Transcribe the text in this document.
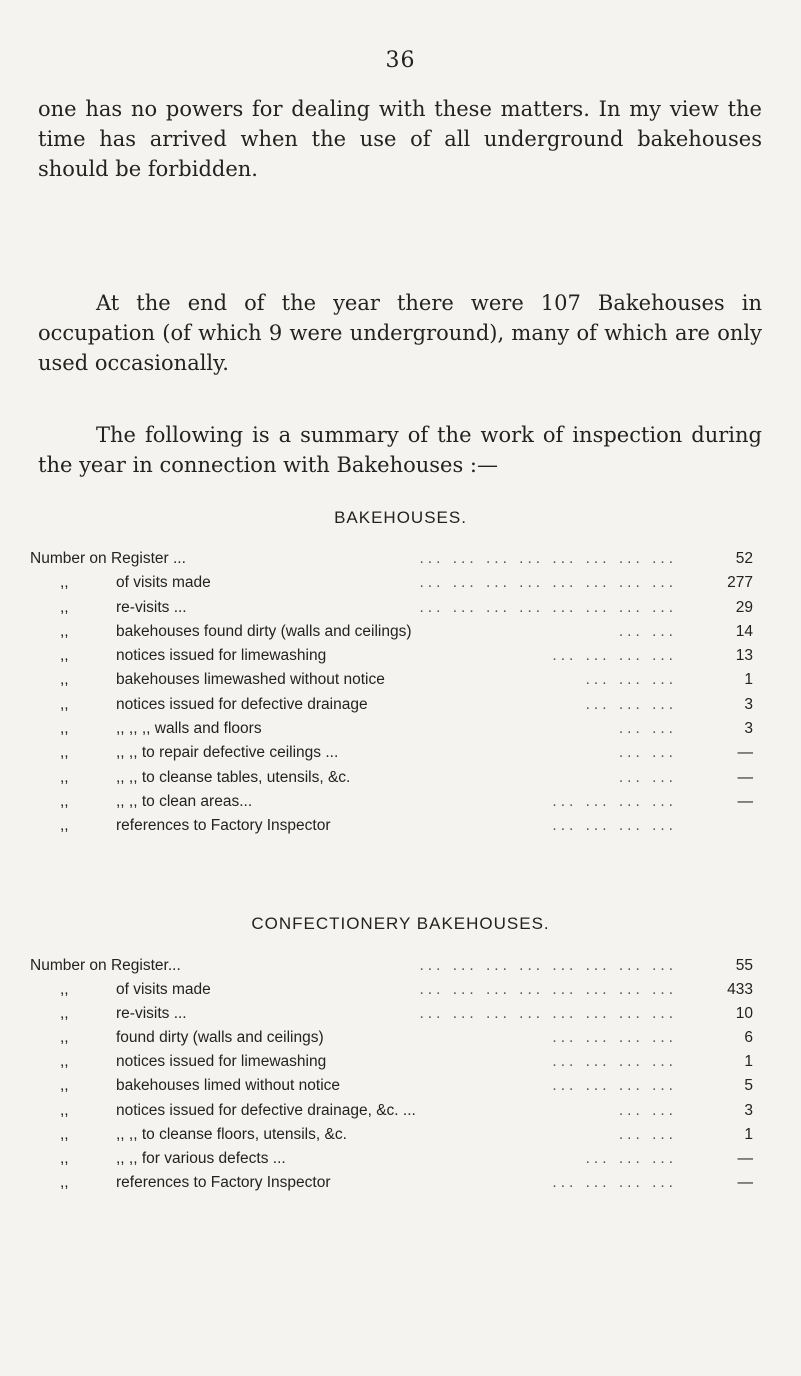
36

one has no powers for dealing with these matters. In my view the time has arrived when the use of all underground bakehouses should be forbidden.

At the end of the year there were 107 Bakehouses in occupation (of which 9 were underground), many of which are only used occasionally.

The following is a summary of the work of inspection during the year in connection with Bakehouses :—

BAKEHOUSES.
Number on Register ...	... ... ... ... ... ... ... ...	52
,,	of visits made	... ... ... ... ... ... ... ...	277
,,	re-visits ...	... ... ... ... ... ... ... ...	29
,,	bakehouses found dirty (walls and ceilings)	... ...	14
,,	notices issued for limewashing	... ... ... ...	13
,,	bakehouses limewashed without notice	... ... ...	1
,,	notices issued for defective drainage	... ... ...	3
,,	,, ,, ,, walls and floors	... ...	3
,,	,, ,, to repair defective ceilings ...	... ...	—
,,	,, ,, to cleanse tables, utensils, &c.	... ...	—
,,	,, ,, to clean areas...	... ... ... ...	—
,,	references to Factory Inspector	... ... ... ...
CONFECTIONERY BAKEHOUSES.
Number on Register...	... ... ... ... ... ... ... ...	55
,,	of visits made	... ... ... ... ... ... ... ...	433
,,	re-visits ...	... ... ... ... ... ... ... ...	10
,,	found dirty (walls and ceilings)	... ... ... ...	6
,,	notices issued for limewashing	... ... ... ...	1
,,	bakehouses limed without notice	... ... ... ...	5
,,	notices issued for defective drainage, &c. ...	... ...	3
,,	,, ,, to cleanse floors, utensils, &c.	... ...	1
,,	,, ,, for various defects ...	... ... ...	—
,,	references to Factory Inspector	... ... ... ...	—
